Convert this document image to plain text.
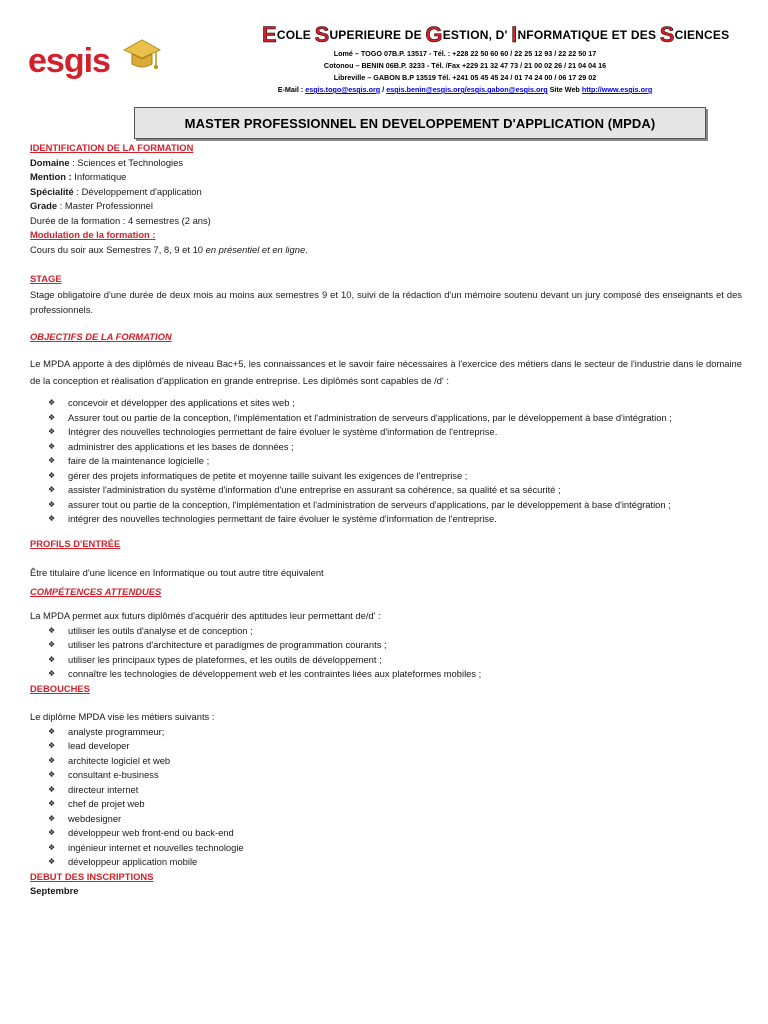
esgis
ECOLE SUPERIEURE DE GESTION, D' INFORMATIQUE ET DES SCIENCES
Lomé – TOGO 07B.P. 13517 - Tél. : +228 22 50 60 60 / 22 25 12 93 / 22 22 50 17
Cotonou – BENIN 06B.P. 3233 - Tél. /Fax +229 21 32 47 73 / 21 00 02 26 / 21 04 04 16
Libreville – GABON B.P 13519 Tél. +241 05 45 45 24 / 01 74 24 00 / 06 17 29 02
E-Mail : esgis.togo@esgis.org / esgis.benin@esgis.org/esgis.gabon@esgis.org Site Web http://www.esgis.org
MASTER PROFESSIONNEL EN DEVELOPPEMENT D'APPLICATION (MPDA)
IDENTIFICATION DE LA FORMATION
Domaine : Sciences et Technologies
Mention : Informatique
Spécialité : Développement d'application
Grade : Master Professionnel
Durée de la formation : 4 semestres (2 ans)
Modulation de la formation :
Cours du soir aux Semestres 7, 8, 9 et 10 en présentiel et en ligne.
STAGE
Stage obligatoire d'une durée de deux mois au moins aux semestres 9 et 10, suivi de la rédaction d'un mémoire soutenu devant un jury composé des enseignants et des professionnels.
OBJECTIFS DE LA FORMATION
Le MPDA apporte à des diplômés de niveau Bac+5, les connaissances et le savoir faire nécessaires à l'exercice des métiers dans le secteur de l'industrie dans le domaine de la conception et réalisation d'application en grande entreprise. Les diplômés sont capables de /d' :
❖ concevoir et développer des applications et sites web ;
❖ Assurer tout ou partie de la conception, l'implémentation et l'administration de serveurs d'applications, par le développement à base d'intégration ;
❖ Intégrer des nouvelles technologies permettant de faire évoluer le système d'information de l'entreprise.
❖ administrer des applications et les bases de données ;
❖ faire de la maintenance logicielle ;
❖ gérer des projets informatiques de petite et moyenne taille suivant les exigences de l'entreprise ;
❖ assister l'administration du système d'information d'une entreprise en assurant sa cohérence, sa qualité et sa sécurité ;
❖ assurer tout ou partie de la conception, l'implémentation et l'administration de serveurs d'applications, par le développement à base d'intégration ;
❖ intégrer des nouvelles technologies permettant de faire évoluer le système d'information de l'entreprise.
PROFILS D'ENTRÉE
Être titulaire d'une licence en Informatique ou tout autre titre équivalent
COMPÉTENCES ATTENDUES
La MPDA permet aux futurs diplômés d'acquérir des aptitudes leur permettant de/d' :
❖ utiliser les outils d'analyse et de conception ;
❖ utiliser les patrons d'architecture et paradigmes de programmation courants ;
❖ utiliser les principaux types de plateformes, et les outils de développement ;
❖ connaître les technologies de développement web et les contraintes liées aux plateformes mobiles ;
DEBOUCHES
Le diplôme MPDA vise les métiers suivants :
❖ analyste programmeur;
❖ lead developer
❖ architecte logiciel et web
❖ consultant e-business
❖ directeur internet
❖ chef de projet web
❖ webdesigner
❖ développeur web front-end ou back-end
❖ ingénieur internet et nouvelles technologie
❖ développeur application mobile
DEBUT DES INSCRIPTIONS
Septembre
